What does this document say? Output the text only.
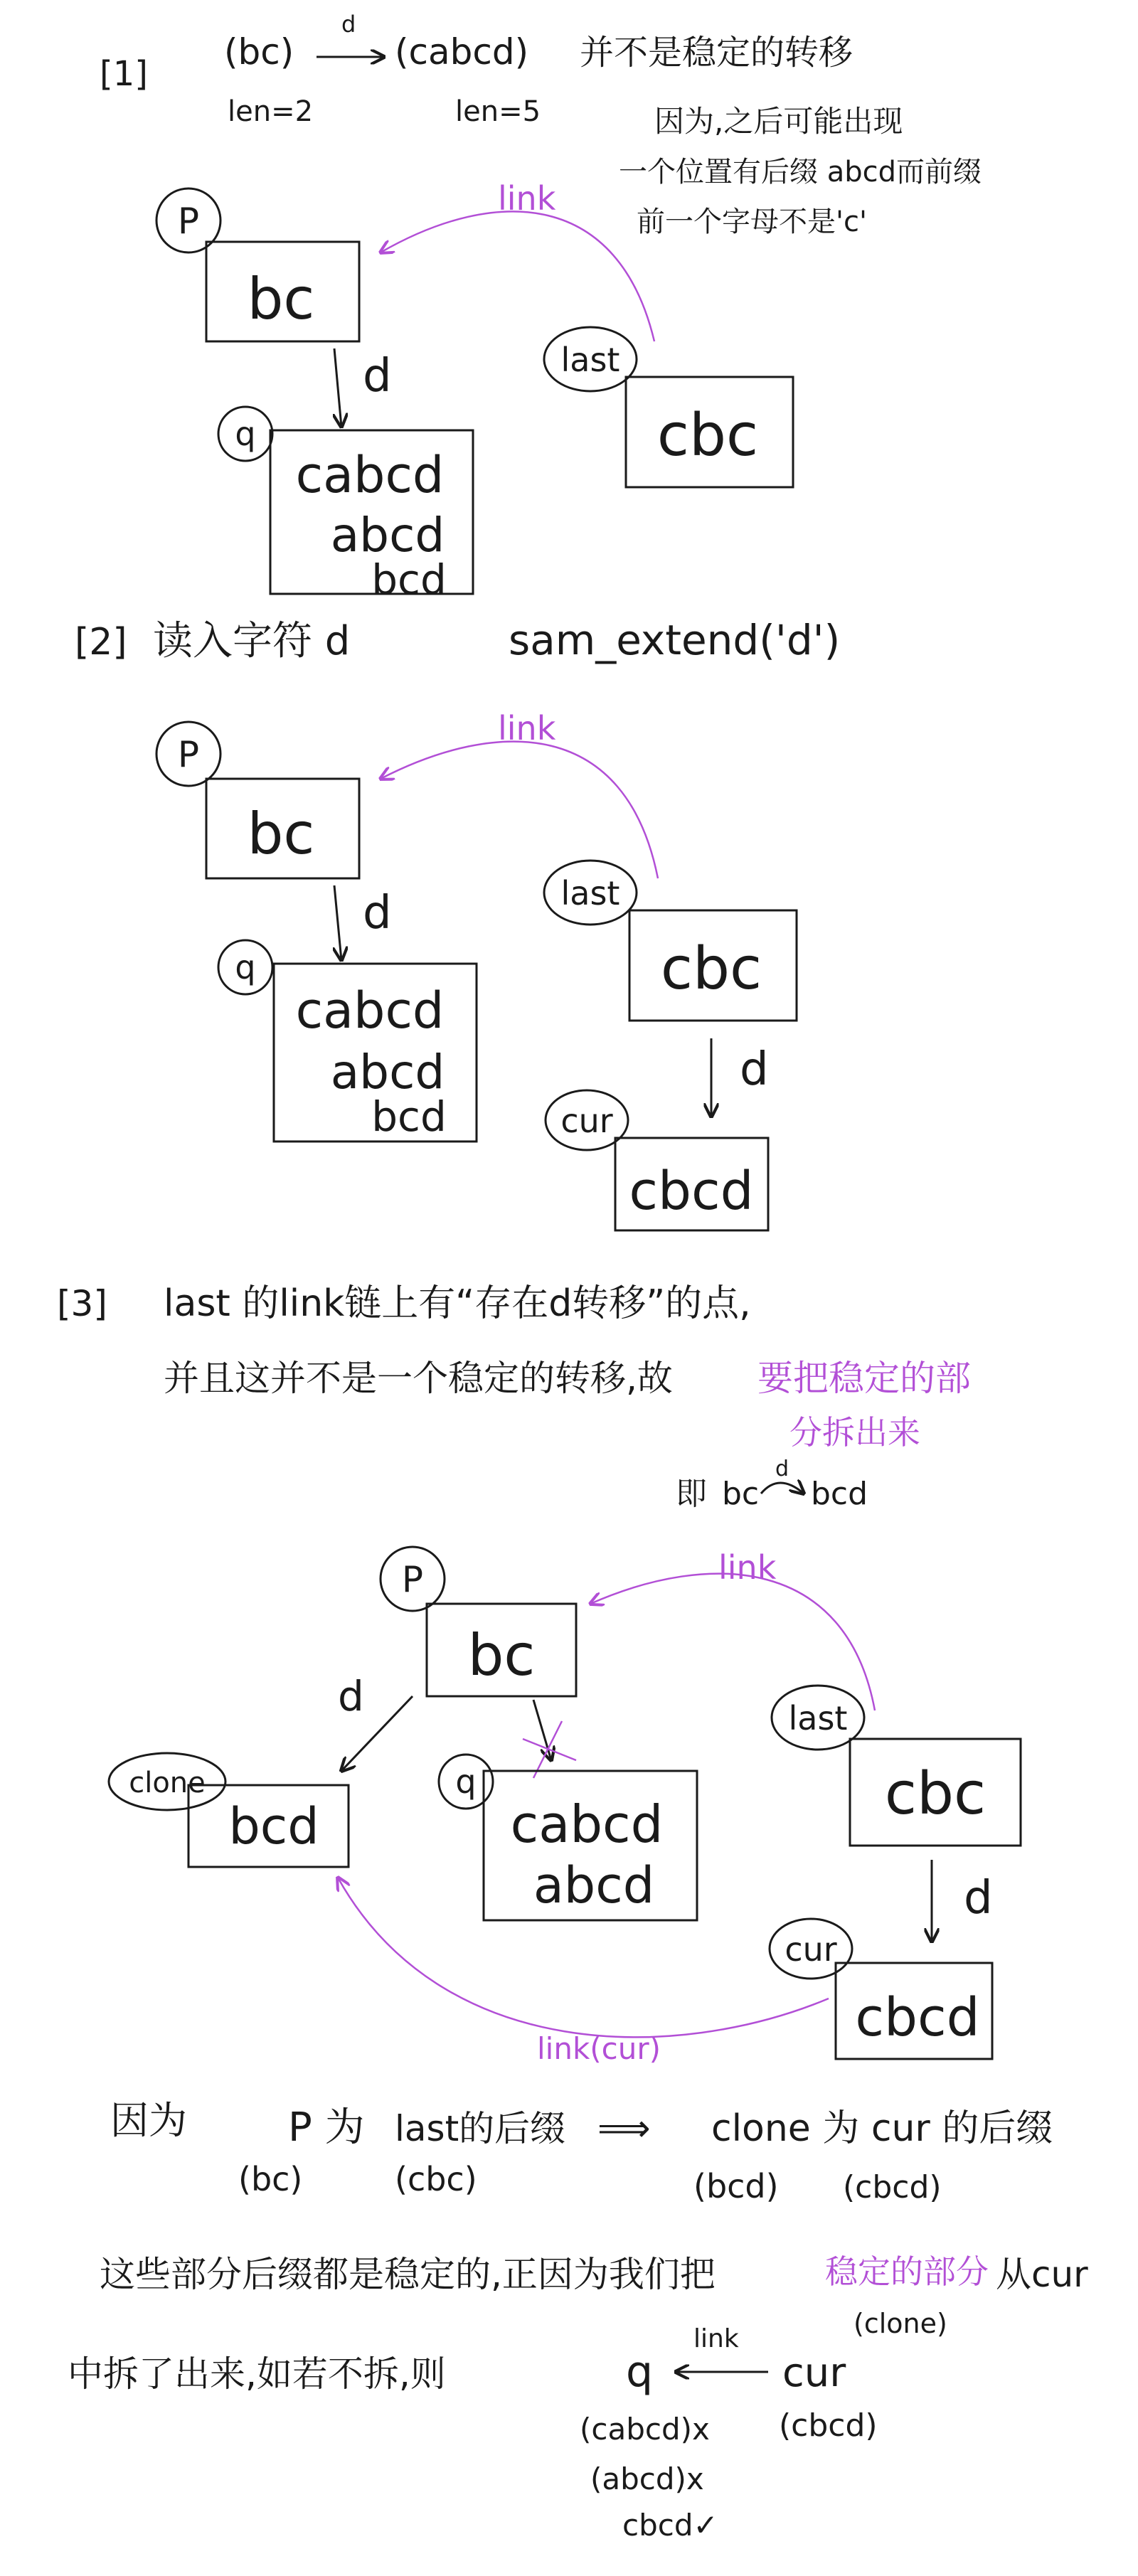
[1]
(bc)
d
(cabcd) 并不是稳定的转移
len=2	len=5	因为,之后可能出现
一个位置有后缀 abcd而前缀
前一个字母不是'c'
P
bc
d
q
cabcd
abcd
bcd
last
cbc
link
[2] 读入字符 d	sam_extend('d')
P
bc
d
q
cabcd
abcd
bcd
last
cbc
d
cur
cbcd
link
[3] last 的link链上有“存在d转移”的点,
并且这并不是一个稳定的转移,故 要把稳定的部
分拆出来
即 bc
d
bcd
P
bc
d
clone
bcd
q
cabcd
abcd
last
cbc
d
cur
cbcd
link
link(cur)
因为	P 为 last的后缀 ⟹ clone 为 cur 的后缀
(bc)	(cbc)	(bcd) (cbcd)
这些部分后缀都是稳定的,正因为我们把	稳定的部分 从cur
(clone)
中拆了出来,如若不拆,则	q
link
cur
(cbcd)
(cabcd)x
(abcd)x
cbcd✓
